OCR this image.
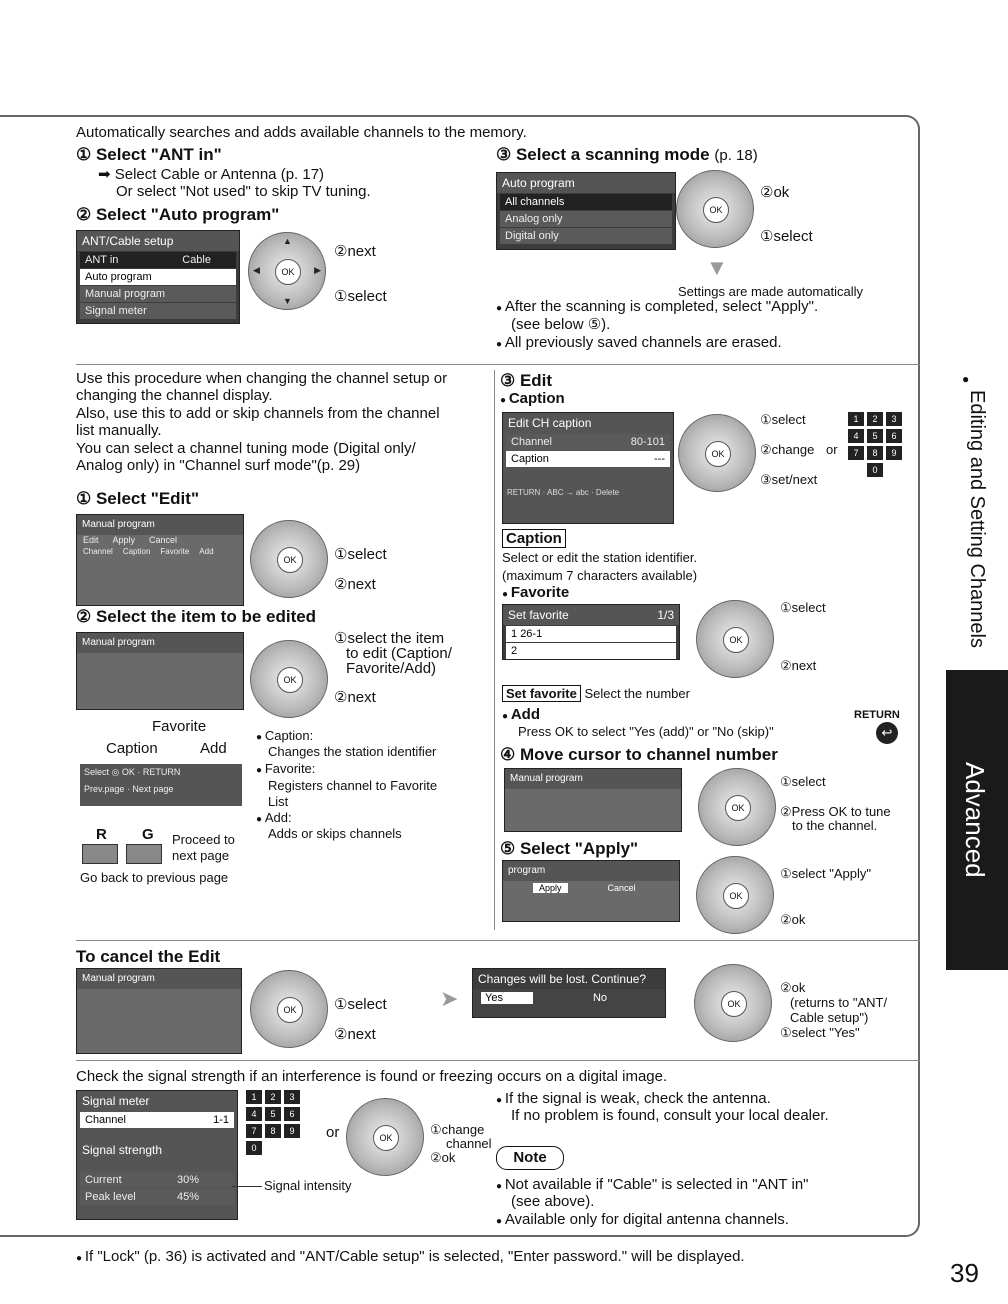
Automatically searches and adds available channels to the memory.
① Select "ANT in"
➡ Select Cable or Antenna (p. 17)
Or select "Not used" to skip TV tuning.
② Select "Auto program"
ANT/Cable setup
ANT in	Cable
Auto program
Manual program
Signal meter
OK
▲
▼
◀	▶
②next
①select
③ Select a scanning mode (p. 18)
Auto program
All channels
Analog only
Digital only
OK
②ok
①select
▼
Settings are made automatically
● After the scanning is completed, select "Apply".
(see below ⑤).
● All previously saved channels are erased.
Use this procedure when changing the channel setup or
changing the channel display.
Also, use this to add or skip channels from the channel
list manually.
You can select a channel tuning mode (Digital only/
Analog only) in "Channel surf mode"(p. 29)
① Select "Edit"
Manual program
Edit Apply Cancel
Channel Caption Favorite Add
OK	①select
②next
② Select the item to be edited
Manual program
OK
①select the item
to edit (Caption/
Favorite/Add)
②next
Favorite
Caption	Add
● Caption:
Changes the station identifier
● Favorite:
Registers channel to Favorite
List
● Add:
Adds or skips channels
Select ◎ OK · RETURN
Prev.page · Next page
R G Proceed to
next page
Go back to previous page
③ Edit
● Caption
Edit CH caption
Channel	80-101
Caption	---
RETURN · ABC → abc · Delete
OK
①select
②change or
③set/next
1	2	3
4	5	6
7	8	9
0
Caption
Select or edit the station identifier.
(maximum 7 characters available)
● Favorite
Set favorite	1/3
1 26-1
2
OK
①select
②next
Set favorite Select the number
● Add	RETURN
Press OK to select "Yes (add)" or "No (skip)"	↩
④ Move cursor to channel number
Manual program
OK
①select
②Press OK to tune
to the channel.
⑤ Select "Apply"
program
Apply	Cancel
OK
①select "Apply"
②ok
To cancel the Edit
Manual program
OK	①select
②next
➤
Changes will be lost. Continue?
Yes	No	OK
②ok
(returns to "ANT/
Cable setup")
①select "Yes"
Check the signal strength if an interference is found or freezing occurs on a digital image.
Signal meter
Channel	1-1
Signal strength
Current	30%
Peak level	45%
1	2	3
4	5	6
7	8	9
0
or	OK
①change
channel
②ok
Signal intensity
● If the signal is weak, check the antenna.
If no problem is found, consult your local dealer.
Note
● Not available if "Cable" is selected in "ANT in"
(see above).
● Available only for digital antenna channels.
● If "Lock" (p. 36) is activated and "ANT/Cable setup" is selected, "Enter password." will be displayed.
39
●
Editing and Setting Channels
Advanced
